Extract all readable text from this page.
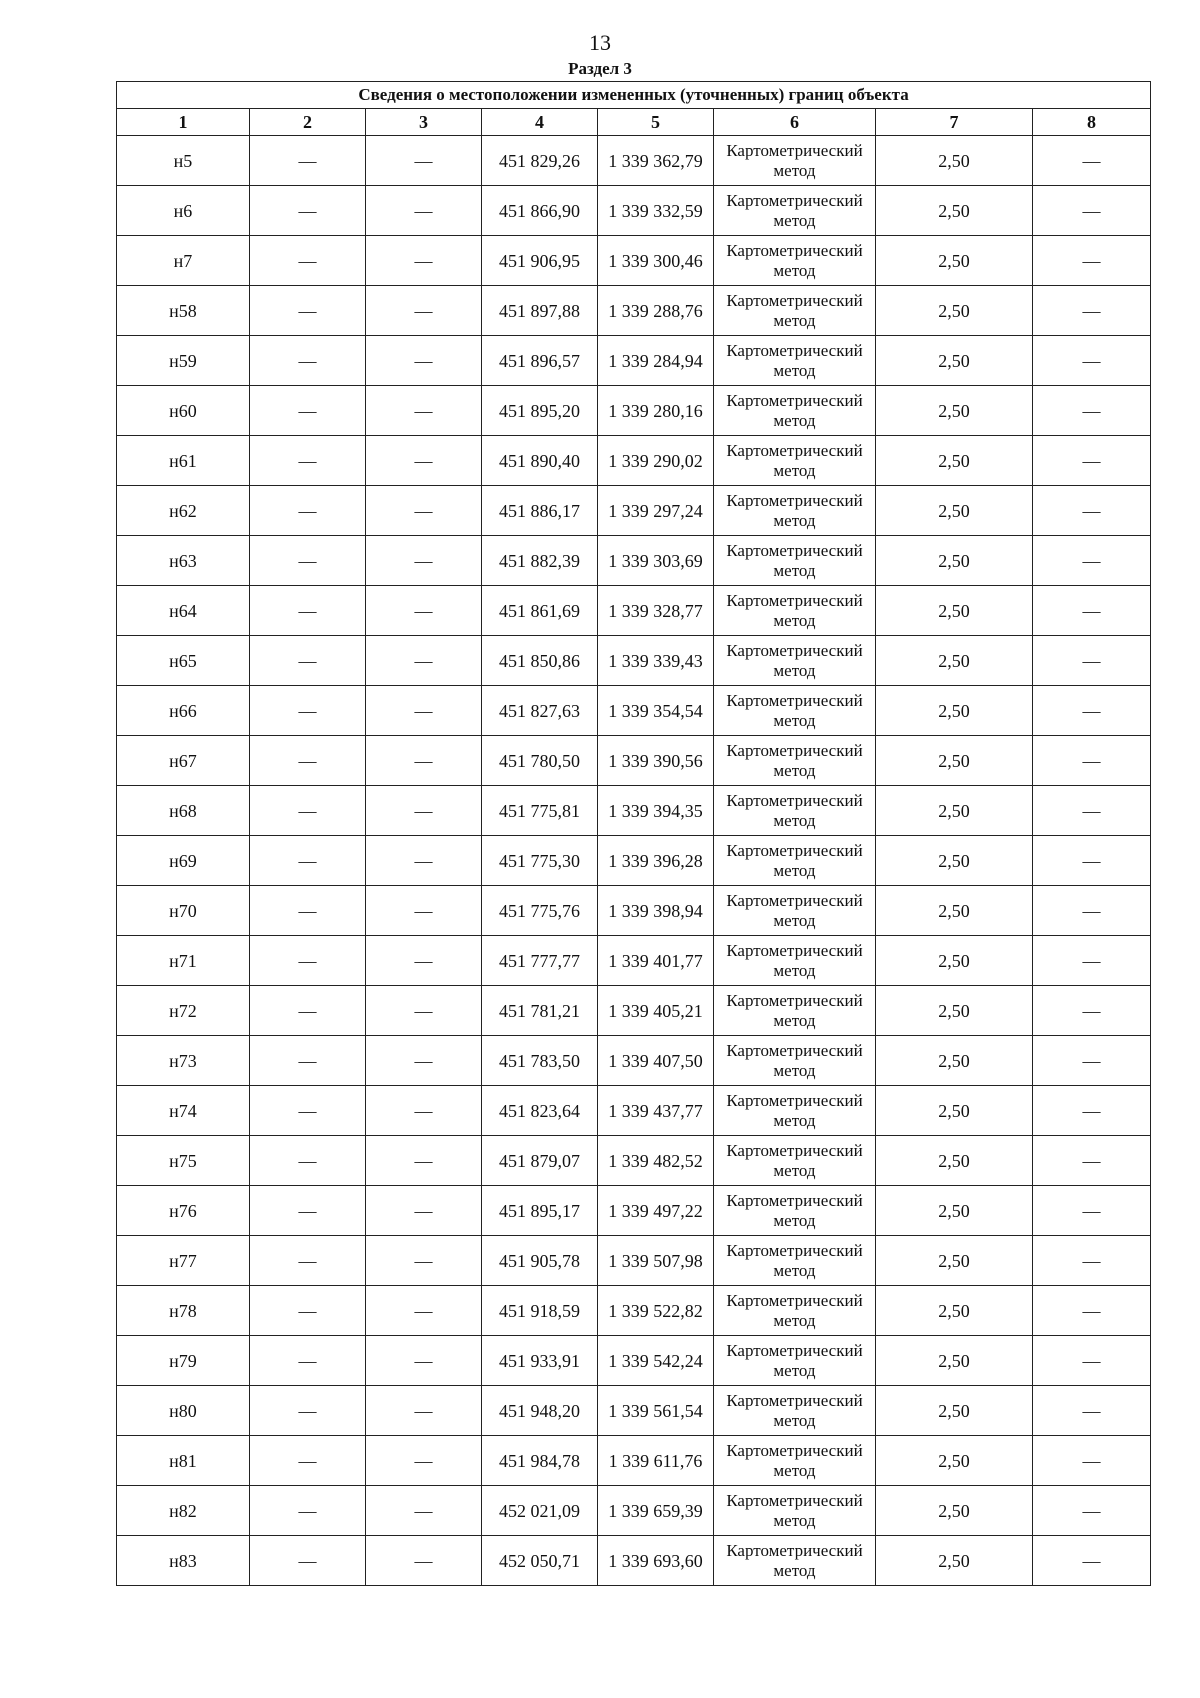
13
Раздел 3
Сведения о местоположении измененных (уточненных) границ объекта							
1	2	3	4	5	6	7	8
н5	—	—	451 829,26	1 339 362,79	Картометрический метод	2,50	—
н6	—	—	451 866,90	1 339 332,59	Картометрический метод	2,50	—
н7	—	—	451 906,95	1 339 300,46	Картометрический метод	2,50	—
н58	—	—	451 897,88	1 339 288,76	Картометрический метод	2,50	—
н59	—	—	451 896,57	1 339 284,94	Картометрический метод	2,50	—
н60	—	—	451 895,20	1 339 280,16	Картометрический метод	2,50	—
н61	—	—	451 890,40	1 339 290,02	Картометрический метод	2,50	—
н62	—	—	451 886,17	1 339 297,24	Картометрический метод	2,50	—
н63	—	—	451 882,39	1 339 303,69	Картометрический метод	2,50	—
н64	—	—	451 861,69	1 339 328,77	Картометрический метод	2,50	—
н65	—	—	451 850,86	1 339 339,43	Картометрический метод	2,50	—
н66	—	—	451 827,63	1 339 354,54	Картометрический метод	2,50	—
н67	—	—	451 780,50	1 339 390,56	Картометрический метод	2,50	—
н68	—	—	451 775,81	1 339 394,35	Картометрический метод	2,50	—
н69	—	—	451 775,30	1 339 396,28	Картометрический метод	2,50	—
н70	—	—	451 775,76	1 339 398,94	Картометрический метод	2,50	—
н71	—	—	451 777,77	1 339 401,77	Картометрический метод	2,50	—
н72	—	—	451 781,21	1 339 405,21	Картометрический метод	2,50	—
н73	—	—	451 783,50	1 339 407,50	Картометрический метод	2,50	—
н74	—	—	451 823,64	1 339 437,77	Картометрический метод	2,50	—
н75	—	—	451 879,07	1 339 482,52	Картометрический метод	2,50	—
н76	—	—	451 895,17	1 339 497,22	Картометрический метод	2,50	—
н77	—	—	451 905,78	1 339 507,98	Картометрический метод	2,50	—
н78	—	—	451 918,59	1 339 522,82	Картометрический метод	2,50	—
н79	—	—	451 933,91	1 339 542,24	Картометрический метод	2,50	—
н80	—	—	451 948,20	1 339 561,54	Картометрический метод	2,50	—
н81	—	—	451 984,78	1 339 611,76	Картометрический метод	2,50	—
н82	—	—	452 021,09	1 339 659,39	Картометрический метод	2,50	—
н83	—	—	452 050,71	1 339 693,60	Картометрический метод	2,50	—
